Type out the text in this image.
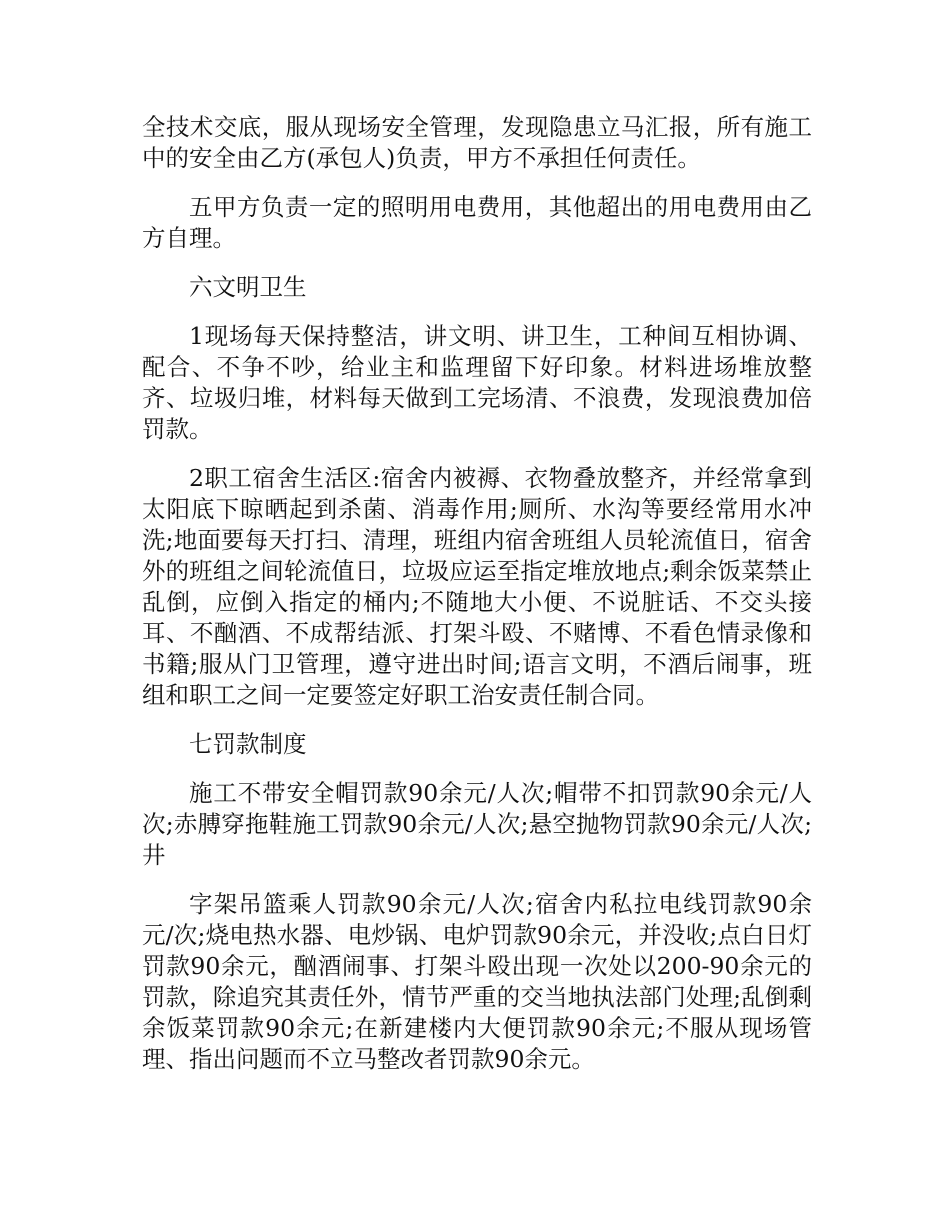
全技术交底，服从现场安全管理，发现隐患立马汇报，所有施工中的安全由乙方(承包人)负责，甲方不承担任何责任。

五甲方负责一定的照明用电费用，其他超出的用电费用由乙方自理。

六文明卫生

1现场每天保持整洁，讲文明、讲卫生，工种间互相协调、配合、不争不吵，给业主和监理留下好印象。材料进场堆放整齐、垃圾归堆，材料每天做到工完场清、不浪费，发现浪费加倍罚款。

2职工宿舍生活区:宿舍内被褥、衣物叠放整齐，并经常拿到太阳底下晾晒起到杀菌、消毒作用;厕所、水沟等要经常用水冲洗;地面要每天打扫、清理，班组内宿舍班组人员轮流值日，宿舍外的班组之间轮流值日，垃圾应运至指定堆放地点;剩余饭菜禁止乱倒，应倒入指定的桶内;不随地大小便、不说脏话、不交头接耳、不酗酒、不成帮结派、打架斗殴、不赌博、不看色情录像和书籍;服从门卫管理，遵守进出时间;语言文明，不酒后闹事，班组和职工之间一定要签定好职工治安责任制合同。

七罚款制度

施工不带安全帽罚款90余元/人次;帽带不扣罚款90余元/人次;赤膊穿拖鞋施工罚款90余元/人次;悬空抛物罚款90余元/人次;井

字架吊篮乘人罚款90余元/人次;宿舍内私拉电线罚款90余元/次;烧电热水器、电炒锅、电炉罚款90余元，并没收;点白日灯罚款90余元，酗酒闹事、打架斗殴出现一次处以200-90余元的罚款，除追究其责任外，情节严重的交当地执法部门处理;乱倒剩余饭菜罚款90余元;在新建楼内大便罚款90余元;不服从现场管理、指出问题而不立马整改者罚款90余元。
